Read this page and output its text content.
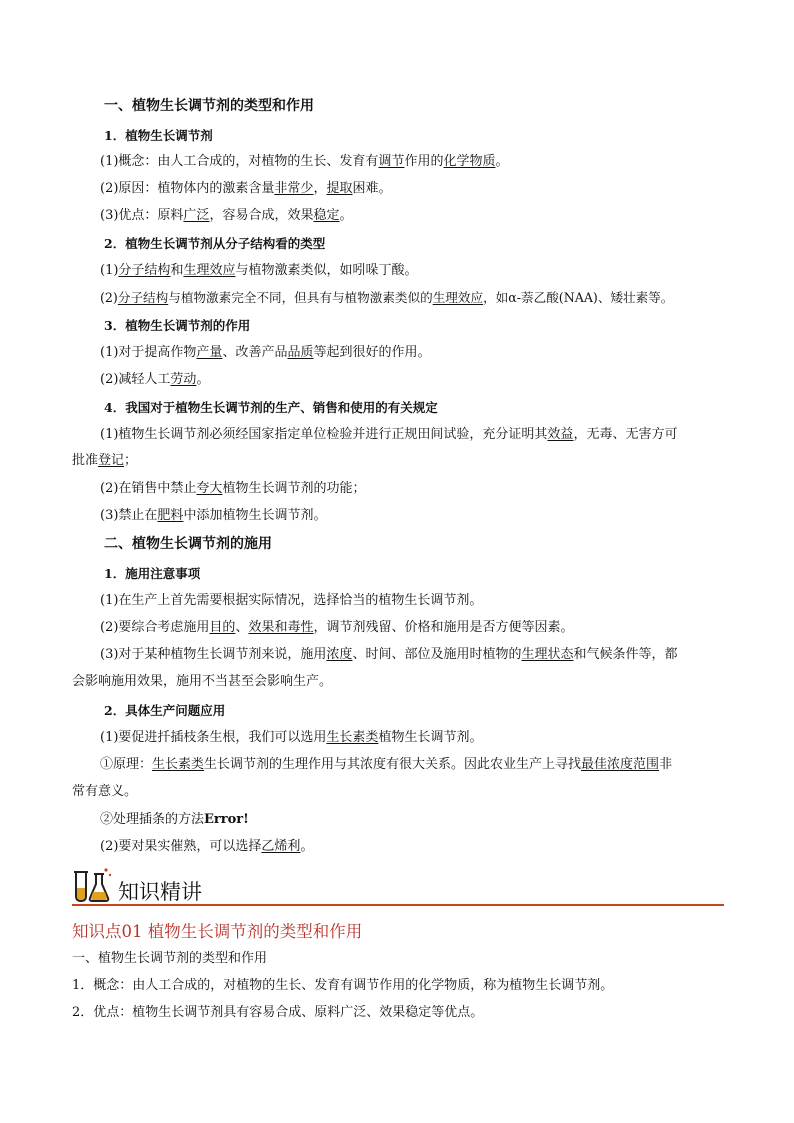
一、植物生长调节剂的类型和作用
1．植物生长调节剂
(1)概念：由人工合成的，对植物的生长、发育有调节作用的化学物质。
(2)原因：植物体内的激素含量非常少，提取困难。
(3)优点：原料广泛，容易合成，效果稳定。
2．植物生长调节剂从分子结构看的类型
(1)分子结构和生理效应与植物激素类似，如吲哚丁酸。
(2)分子结构与植物激素完全不同，但具有与植物激素类似的生理效应，如α-萘乙酸(NAA)、矮壮素等。
3．植物生长调节剂的作用
(1)对于提高作物产量、改善产品品质等起到很好的作用。
(2)减轻人工劳动。
4．我国对于植物生长调节剂的生产、销售和使用的有关规定
(1)植物生长调节剂必须经国家指定单位检验并进行正规田间试验，充分证明其效益，无毒、无害方可
批准登记；
(2)在销售中禁止夸大植物生长调节剂的功能；
(3)禁止在肥料中添加植物生长调节剂。
二、植物生长调节剂的施用
1．施用注意事项
(1)在生产上首先需要根据实际情况，选择恰当的植物生长调节剂。
(2)要综合考虑施用目的、效果和毒性，调节剂残留、价格和施用是否方便等因素。
(3)对于某种植物生长调节剂来说，施用浓度、时间、部位及施用时植物的生理状态和气候条件等，都
会影响施用效果，施用不当甚至会影响生产。
2．具体生产问题应用
(1)要促进扦插枝条生根，我们可以选用生长素类植物生长调节剂。
①原理：生长素类生长调节剂的生理作用与其浓度有很大关系。因此农业生产上寻找最佳浓度范围非
常有意义。
②处理插条的方法Error!
(2)要对果实催熟，可以选择乙烯利。
知识精讲
知识点01 植物生长调节剂的类型和作用
一、植物生长调节剂的类型和作用
1．概念：由人工合成的，对植物的生长、发育有调节作用的化学物质，称为植物生长调节剂。
2．优点：植物生长调节剂具有容易合成、原料广泛、效果稳定等优点。
